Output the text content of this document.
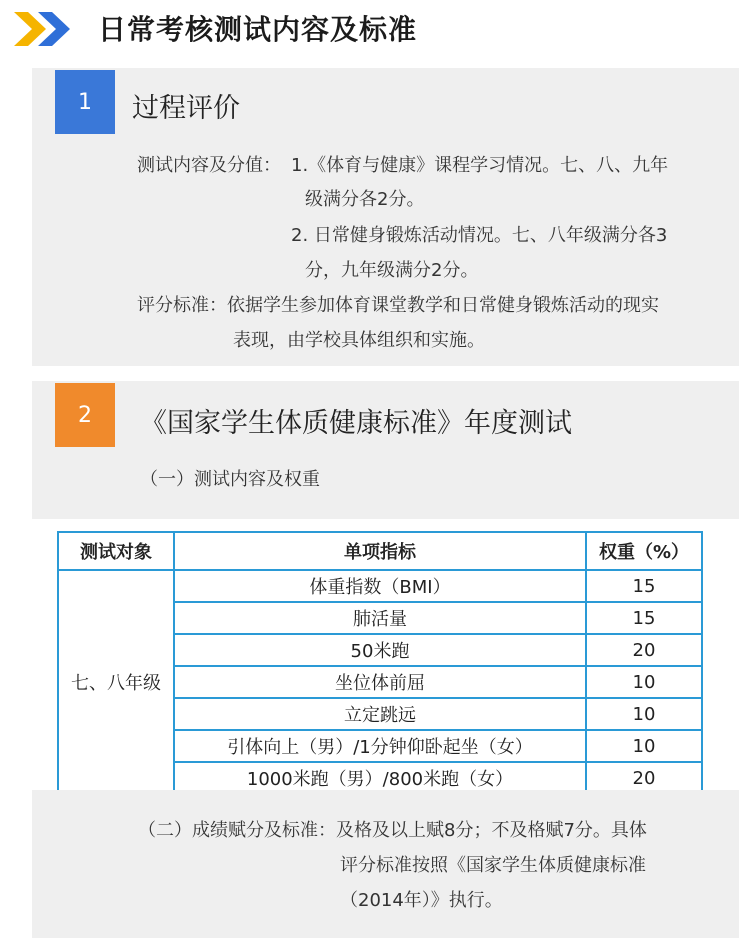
日常考核测试内容及标准
1	过程评价
测试内容及分值： 1.《体育与健康》课程学习情况。七、八、九年
级满分各2分。
2. 日常健身锻炼活动情况。七、八年级满分各3
分，九年级满分2分。
评分标准：依据学生参加体育课堂教学和日常健身锻炼活动的现实
表现，由学校具体组织和实施。
2	《国家学生体质健康标准》年度测试
（一）测试内容及权重
测试对象	单项指标	权重（%）
七、八年级	体重指数（BMI）	15
	肺活量	15
	50米跑	20
	坐位体前屈	10
	立定跳远	10
	引体向上（男）/1分钟仰卧起坐（女）	10
	1000米跑（男）/800米跑（女）	20
（二）成绩赋分及标准：及格及以上赋8分；不及格赋7分。具体
评分标准按照《国家学生体质健康标准
（2014年）》执行。
